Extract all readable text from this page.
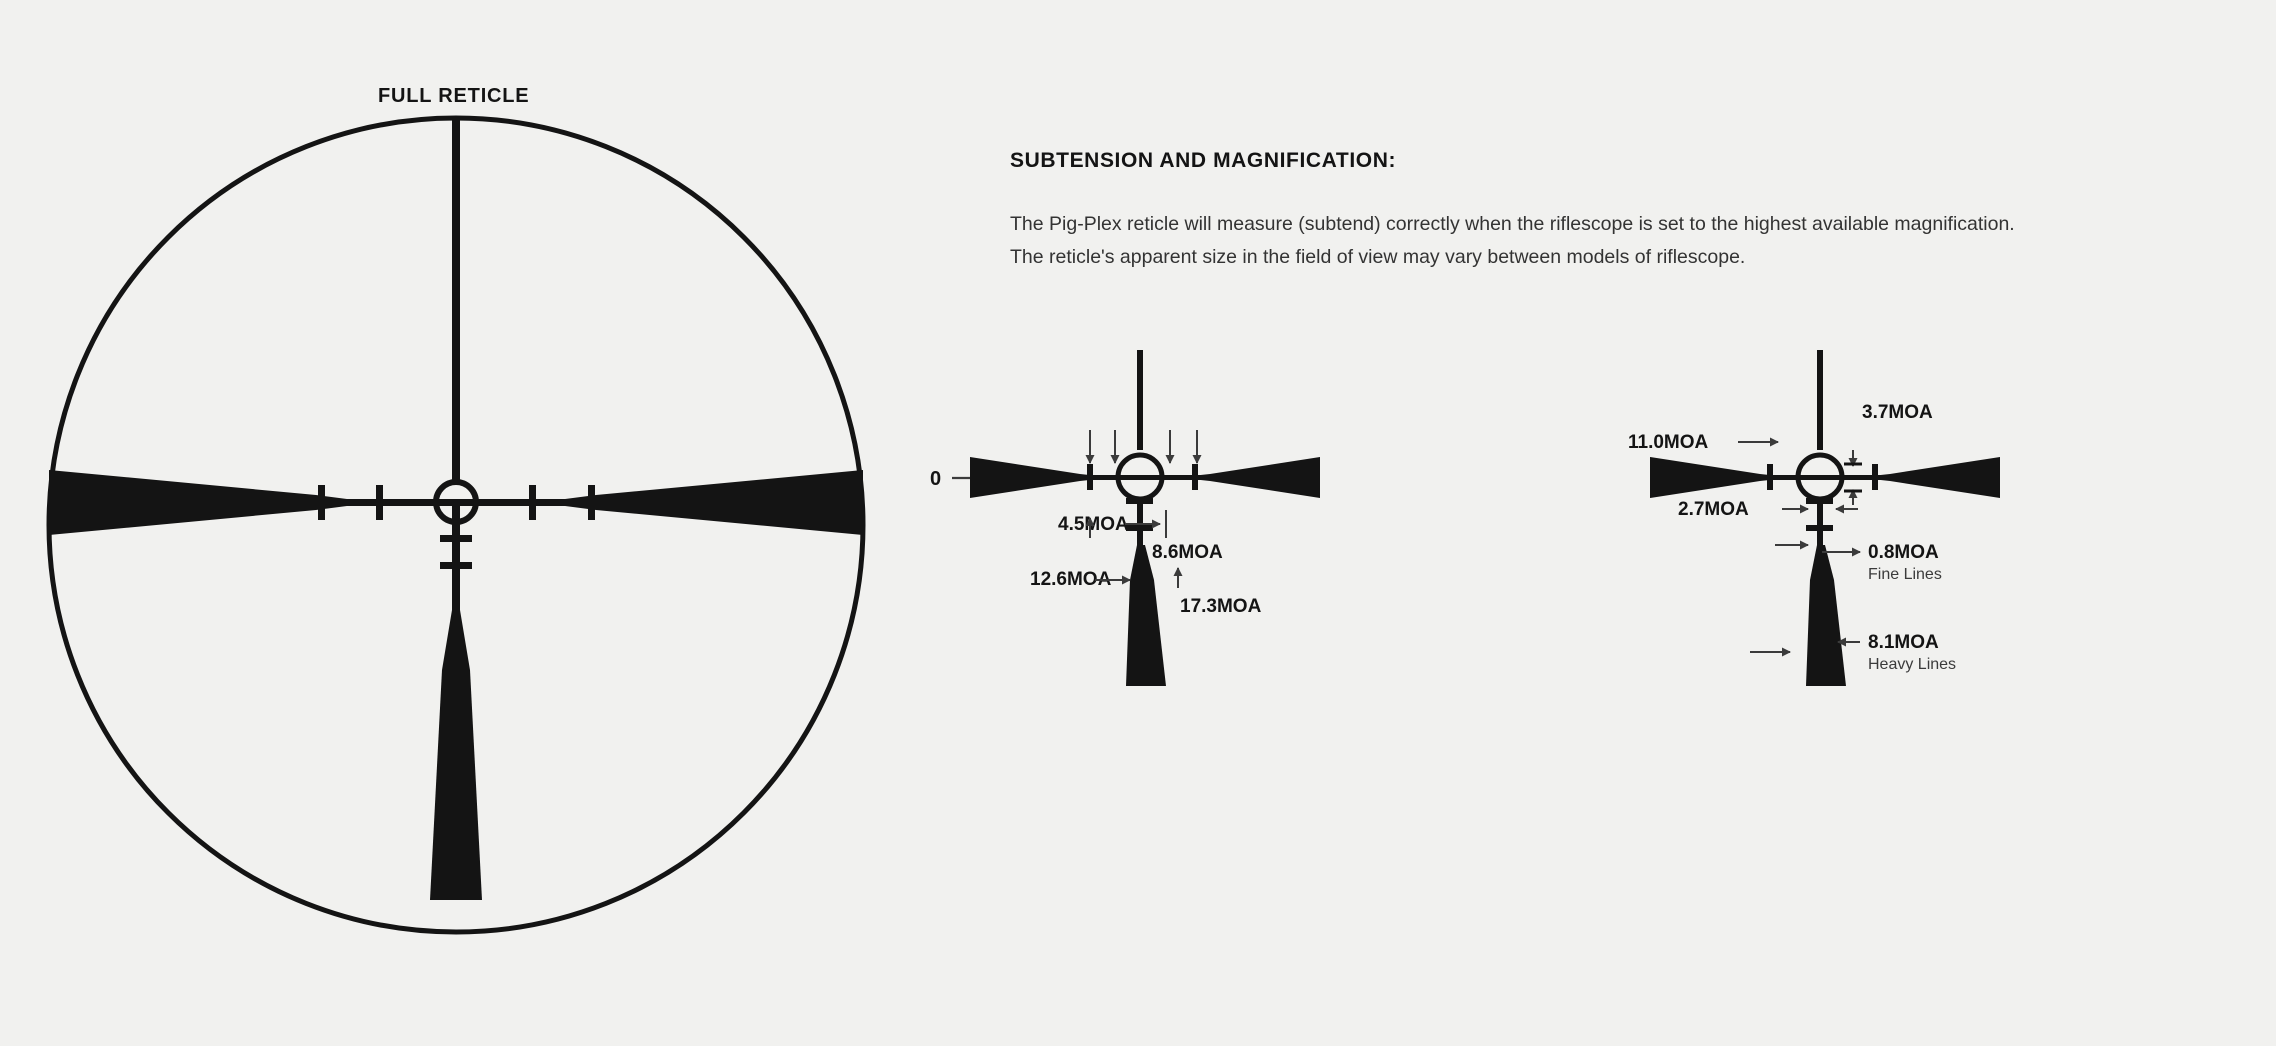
FULL RETICLE
SUBTENSION AND MAGNIFICATION:

The Pig-Plex reticle will measure (subtend) correctly when the riflescope is set to the highest available magnification. The reticle's apparent size in the field of view may vary between models of riflescope.

0
4.5MOA
8.6MOA
12.6MOA
17.3MOA
11.0MOA
3.7MOA
2.7MOA
0.8MOA
Fine Lines
8.1MOA
Heavy Lines
